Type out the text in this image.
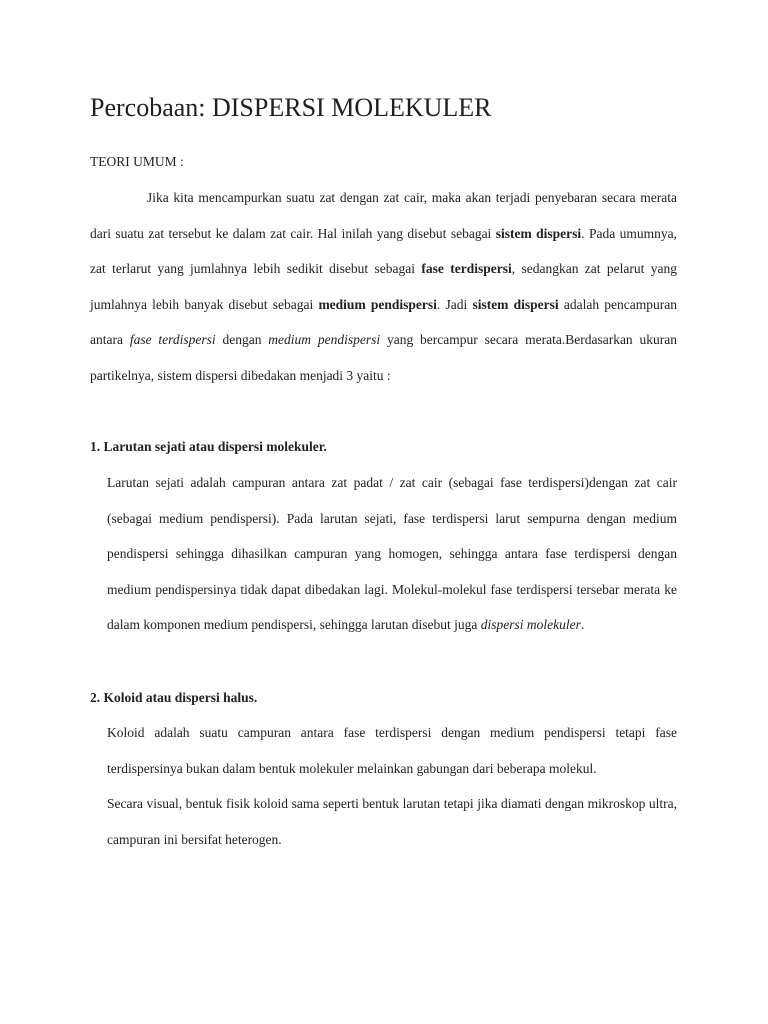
Percobaan: DISPERSI MOLEKULER
TEORI UMUM :
Jika kita mencampurkan suatu zat dengan zat cair, maka akan terjadi penyebaran secara merata dari suatu zat tersebut ke dalam zat cair. Hal inilah yang disebut sebagai sistem dispersi. Pada umumnya, zat terlarut yang jumlahnya lebih sedikit disebut sebagai fase terdispersi, sedangkan zat pelarut yang jumlahnya lebih banyak disebut sebagai medium pendispersi. Jadi sistem dispersi adalah pencampuran antara fase terdispersi dengan medium pendispersi yang bercampur secara merata.Berdasarkan ukuran partikelnya, sistem dispersi dibedakan menjadi 3 yaitu :
1. Larutan sejati atau dispersi molekuler.
Larutan sejati adalah campuran antara zat padat / zat cair (sebagai fase terdispersi)dengan zat cair (sebagai medium pendispersi). Pada larutan sejati, fase terdispersi larut sempurna dengan medium pendispersi sehingga dihasilkan campuran yang homogen, sehingga antara fase terdispersi dengan medium pendispersinya tidak dapat dibedakan lagi. Molekul-molekul fase terdispersi tersebar merata ke dalam komponen medium pendispersi, sehingga larutan disebut juga dispersi molekuler.
2. Koloid atau dispersi halus.
Koloid adalah suatu campuran antara fase terdispersi dengan medium pendispersi tetapi fase terdispersinya bukan dalam bentuk molekuler melainkan gabungan dari beberapa molekul.
Secara visual, bentuk fisik koloid sama seperti bentuk larutan tetapi jika diamati dengan mikroskop ultra, campuran ini bersifat heterogen.
